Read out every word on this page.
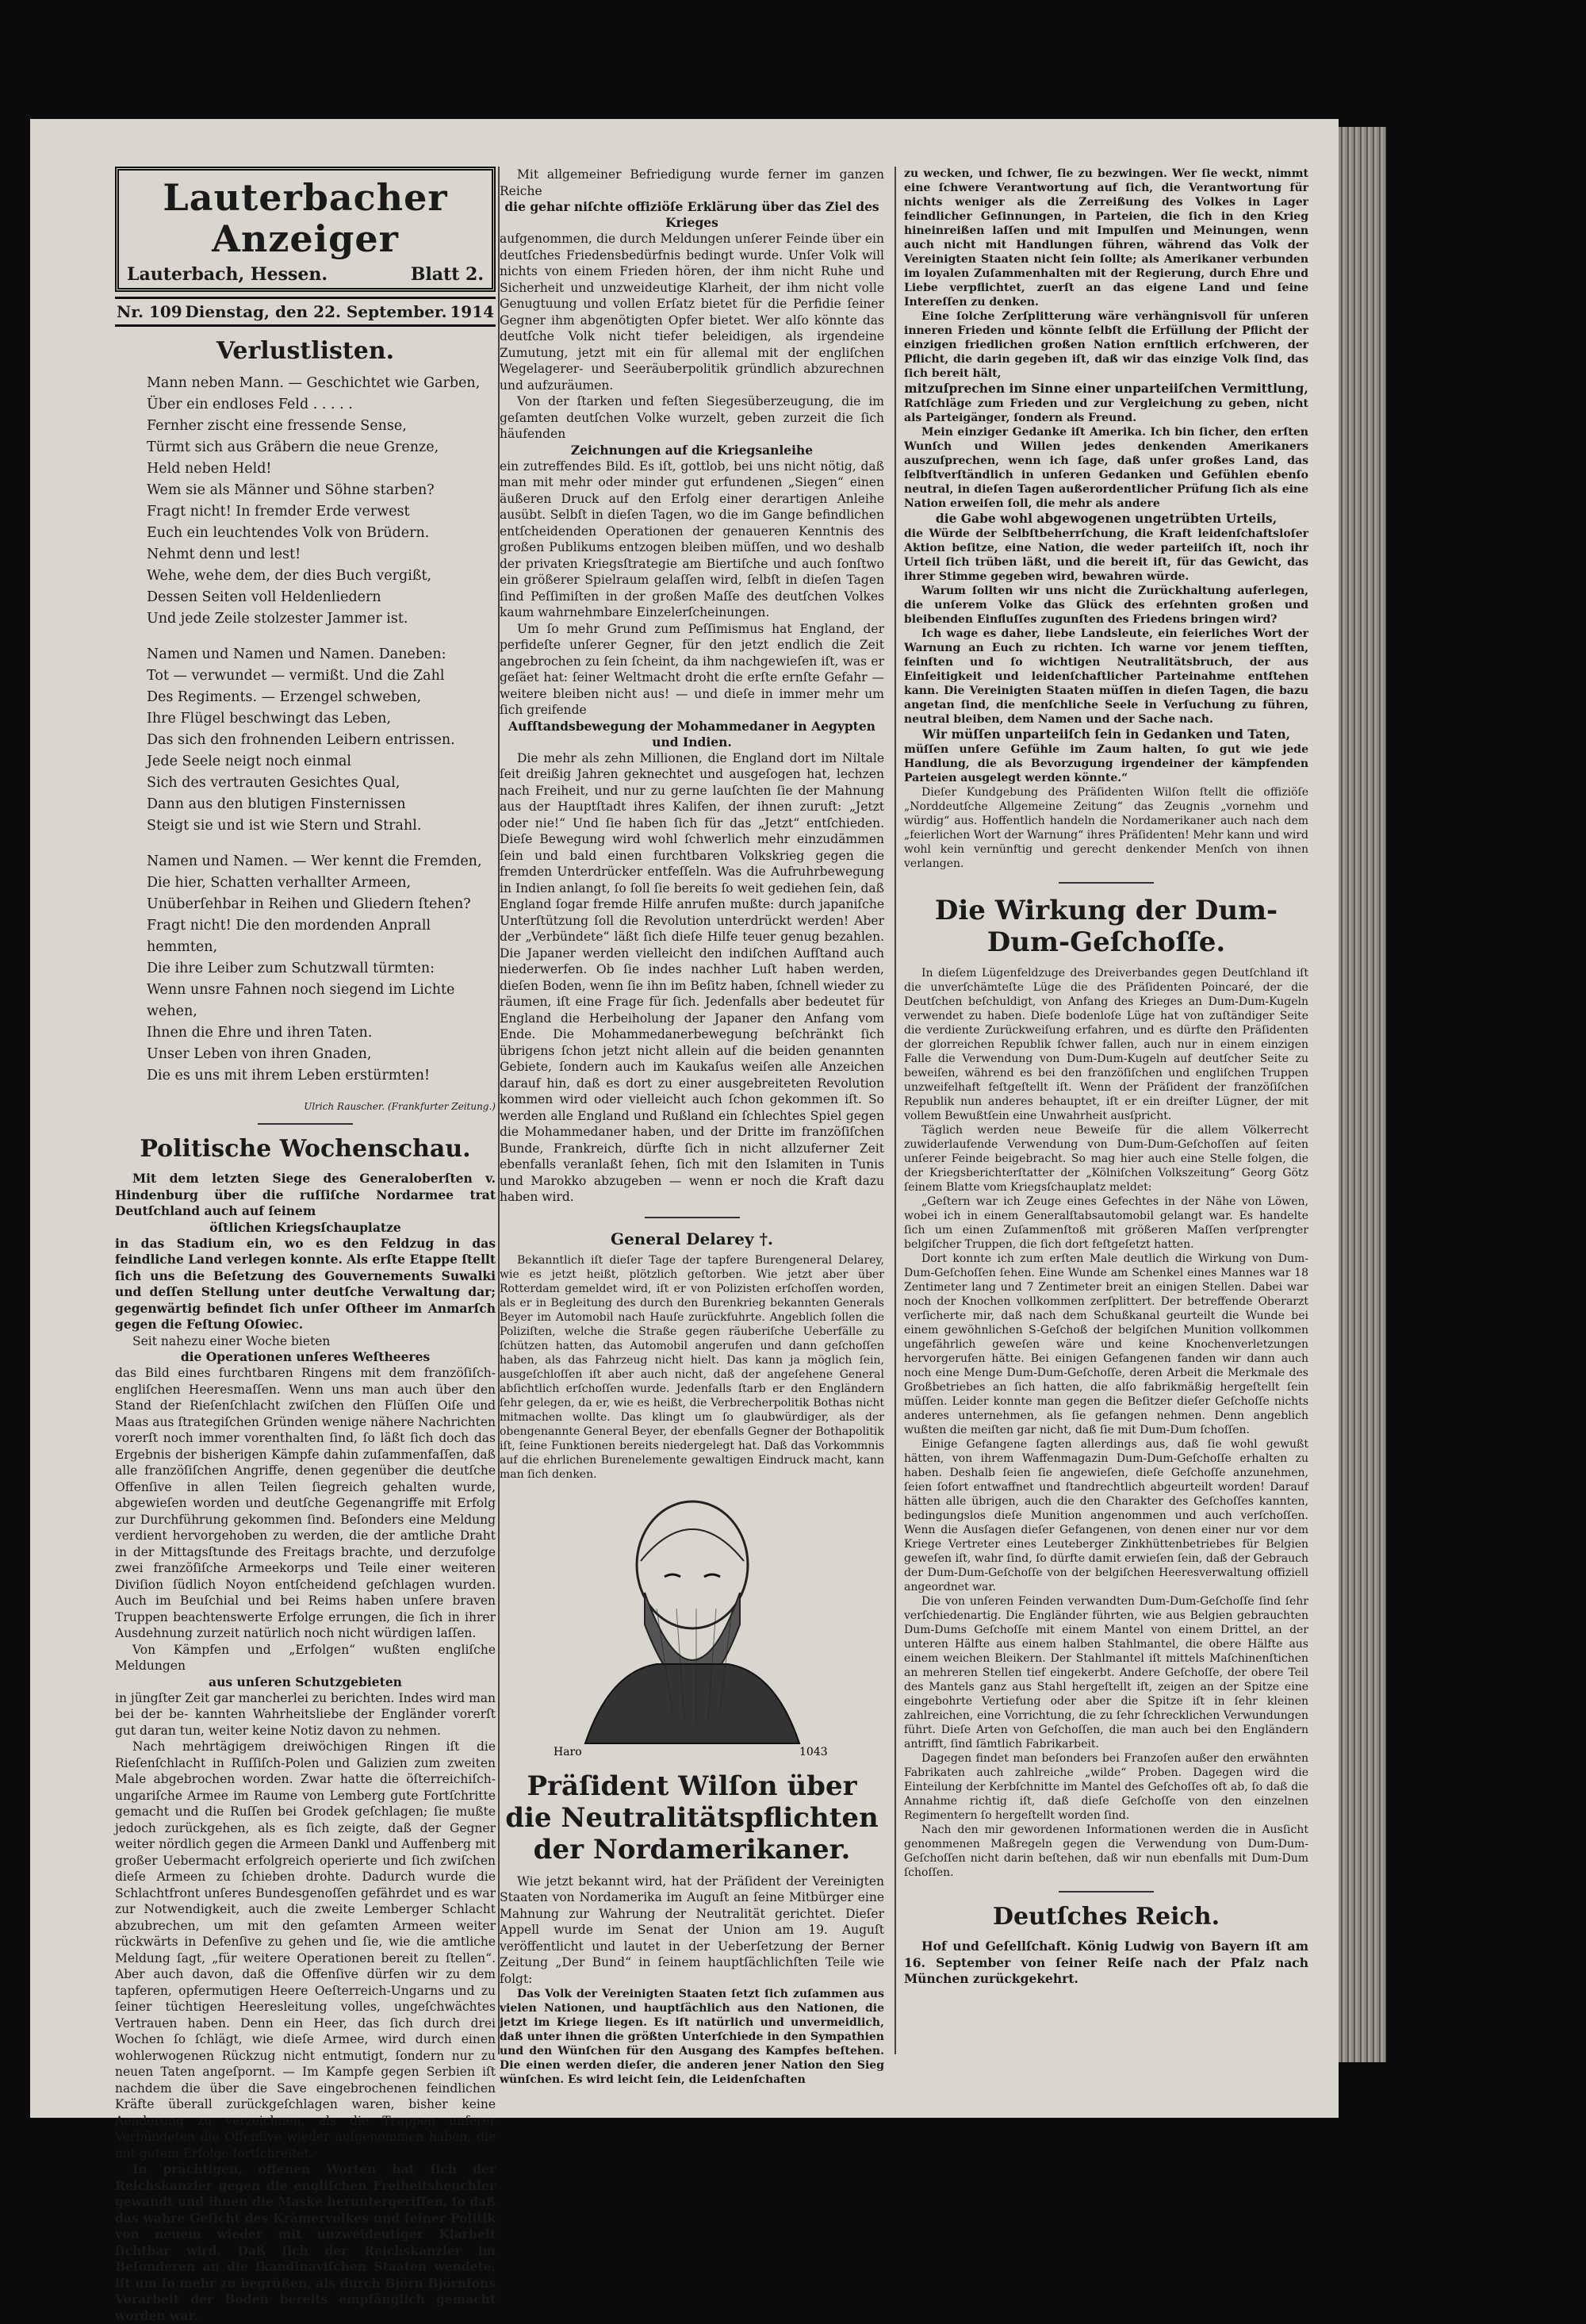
Lauterbacher Anzeiger
Lauterbach, Hessen.	Blatt 2.
Nr. 109 Dienstag, den 22. September. 1914
Verlustlisten.

Mann neben Mann. — Geschichtet wie Garben,
Über ein endloses Feld . . . . .
Fernher zischt eine fressende Sense,
Türmt sich aus Gräbern die neue Grenze,
Held neben Held!
Wem sie als Männer und Söhne starben?
Fragt nicht! In fremder Erde verwest
Euch ein leuchtendes Volk von Brüdern.
Nehmt denn und lest!
Wehe, wehe dem, der dies Buch vergißt,
Dessen Seiten voll Heldenliedern
Und jede Zeile stolzester Jammer ist.

Namen und Namen und Namen. Daneben:
Tot — verwundet — vermißt. Und die Zahl
Des Regiments. — Erzengel schweben,
Ihre Flügel beschwingt das Leben,
Das sich den frohnenden Leibern entrissen.
Jede Seele neigt noch einmal
Sich des vertrauten Gesichtes Qual,
Dann aus den blutigen Finsternissen
Steigt sie und ist wie Stern und Strahl.

Namen und Namen. — Wer kennt die Fremden,
Die hier, Schatten verhallter Armeen,
Unüberſehbar in Reihen und Gliedern ſtehen?
Fragt nicht! Die den mordenden Anprall hemmten,
Die ihre Leiber zum Schutzwall türmten:
Wenn unsre Fahnen noch siegend im Lichte wehen,
Ihnen die Ehre und ihren Taten.
Unser Leben von ihren Gnaden,
Die es uns mit ihrem Leben erstürmten!

Ulrich Rauscher. (Frankfurter Zeitung.)
Politische Wochenschau.

Mit dem letzten Siege des Generaloberſten v. Hindenburg über die ruſſiſche Nordarmee trat Deutſchland auch auf ſeinem

öſtlichen Kriegsſchauplatze

in das Stadium ein, wo es den Feldzug in das feindliche Land verlegen konnte. Als erſte Etappe ſtellt ſich uns die Beſetzung des Gouvernements Suwalki und deſſen Stellung unter deutſche Verwaltung dar; gegenwärtig befindet ſich unſer Oſtheer im Anmarſch gegen die Feſtung Oſowiec.

Seit nahezu einer Woche bieten

die Operationen unſeres Weſtheeres

das Bild eines furchtbaren Ringens mit dem franzöſiſch-engliſchen Heeresmaſſen. Wenn uns man auch über den Stand der Rieſenſchlacht zwiſchen den Flüſſen Oiſe und Maas aus ſtrategiſchen Gründen wenige nähere Nachrichten vorerſt noch immer vorenthalten ſind, ſo läßt ſich doch das Ergebnis der bisherigen Kämpfe dahin zuſammenfaſſen, daß alle franzöſiſchen Angriffe, denen gegenüber die deutſche Offenſive in allen Teilen ſiegreich gehalten wurde, abgewieſen worden und deutſche Gegenangriffe mit Erfolg zur Durchführung gekommen ſind. Beſonders eine Meldung verdient hervorgehoben zu werden, die der amtliche Draht in der Mittagsſtunde des Freitags brachte, und derzufolge zwei franzöſiſche Armeekorps und Teile einer weiteren Diviſion ſüdlich Noyon entſcheidend geſchlagen wurden. Auch im Beuſchial und bei Reims haben unſere braven Truppen beachtenswerte Erfolge errungen, die ſich in ihrer Ausdehnung zurzeit natürlich noch nicht würdigen laſſen.

Von Kämpfen und „Erfolgen“ wußten engliſche Meldungen

aus unſeren Schutzgebieten

in jüngſter Zeit gar mancherlei zu berichten. Indes wird man bei der be- kannten Wahrheitsliebe der Engländer vorerſt gut daran tun, weiter keine Notiz davon zu nehmen.

Nach mehrtägigem dreiwöchigen Ringen iſt die Rieſenſchlacht in Ruſſiſch-Polen und Galizien zum zweiten Male abgebrochen worden. Zwar hatte die öſterreichiſch-ungariſche Armee im Raume von Lemberg gute Fortſchritte gemacht und die Ruſſen bei Grodek geſchlagen; ſie mußte jedoch zurückgehen, als es ſich zeigte, daß der Gegner weiter nördlich gegen die Armeen Dankl und Auffenberg mit großer Uebermacht erfolgreich operierte und ſich zwiſchen dieſe Armeen zu ſchieben drohte. Dadurch wurde die Schlachtfront unſeres Bundesgenoſſen gefährdet und es war zur Notwendigkeit, auch die zweite Lemberger Schlacht abzubrechen, um mit den geſamten Armeen weiter rückwärts in Defenſive zu gehen und ſie, wie die amtliche Meldung ſagt, „für weitere Operationen bereit zu ſtellen“. Aber auch davon, daß die Offenſive dürfen wir zu dem tapferen, opfermutigen Heere Oeſterreich-Ungarns und zu ſeiner tüchtigen Heeresleitung volles, ungeſchwächtes Vertrauen haben. Denn ein Heer, das ſich durch drei Wochen ſo ſchlägt, wie dieſe Armee, wird durch einen wohlerwogenen Rückzug nicht entmutigt, ſondern nur zu neuen Taten angeſpornt. — Im Kampfe gegen Serbien iſt nachdem die über die Save eingebrochenen feindlichen Kräfte überall zurückgeſchlagen waren, bisher keine Aenderung zu verzeichnen, als die Truppen unſerer Verbündeten die Offenſive wieder aufgenommen haben, die mit gutem Erfolge fortſchreitet.

In prächtigen, offenen Worten hat ſich der Reichskanzler gegen die engliſchen Freiheitsheuchler gewandt und ihnen die Maske heruntergeriſſen, ſo daß das wahre Geſicht des Krämervolkes und ſeiner Politik von neuem wieder mit unzweideutiger Klarheit ſichtbar wird. Daß ſich der Reichskanzler im Beſonderen an die ſkandinaviſchen Staaten wendete, iſt um ſo mehr zu begrüßen, als durch Björn Björnſons Vorarbeit der Boden bereits empfänglich gemacht worden war.

Mit allgemeiner Befriedigung wurde ferner im ganzen Reiche

die gehar niſchte offiziöſe Erklärung über das Ziel des Krieges

aufgenommen, die durch Meldungen unſerer Feinde über ein deutſches Friedensbedürfnis bedingt wurde. Unſer Volk will nichts von einem Frieden hören, der ihm nicht Ruhe und Sicherheit und unzweideutige Klarheit, der ihm nicht volle Genugtuung und vollen Erſatz bietet für die Perfidie ſeiner Gegner ihm abgenötigten Opfer bietet. Wer alſo könnte das deutſche Volk nicht tiefer beleidigen, als irgendeine Zumutung, jetzt mit ein für allemal mit der engliſchen Wegelagerer- und Seeräuberpolitik gründlich abzurechnen und aufzuräumen.

Von der ſtarken und feſten Siegesüberzeugung, die im geſamten deutſchen Volke wurzelt, geben zurzeit die ſich häufenden

Zeichnungen auf die Kriegsanleihe

ein zutreffendes Bild. Es iſt, gottlob, bei uns nicht nötig, daß man mit mehr oder minder gut erfundenen „Siegen“ einen äußeren Druck auf den Erfolg einer derartigen Anleihe ausübt. Selbſt in dieſen Tagen, wo die im Gange befindlichen entſcheidenden Operationen der genaueren Kenntnis des großen Publikums entzogen bleiben müſſen, und wo deshalb der privaten Kriegsſtrategie am Biertiſche und auch ſonſtwo ein größerer Spielraum gelaſſen wird, ſelbſt in dieſen Tagen ſind Peſſimiſten in der großen Maſſe des deutſchen Volkes kaum wahrnehmbare Einzelerſcheinungen.

Um ſo mehr Grund zum Peſſimismus hat England, der perfideſte unſerer Gegner, für den jetzt endlich die Zeit angebrochen zu ſein ſcheint, da ihm nachgewieſen iſt, was er geſäet hat: ſeiner Weltmacht droht die erſte ernſte Gefahr — weitere bleiben nicht aus! — und dieſe in immer mehr um ſich greifende

Aufſtandsbewegung der Mohammedaner in Aegypten und Indien.

Die mehr als zehn Millionen, die England dort im Niltale ſeit dreißig Jahren geknechtet und ausgeſogen hat, lechzen nach Freiheit, und nur zu gerne lauſchten ſie der Mahnung aus der Hauptſtadt ihres Kalifen, der ihnen zuruft: „Jetzt oder nie!“ Und ſie haben ſich für das „Jetzt“ entſchieden. Dieſe Bewegung wird wohl ſchwerlich mehr einzudämmen ſein und bald einen furchtbaren Volkskrieg gegen die fremden Unterdrücker entfeſſeln. Was die Aufruhrbewegung in Indien anlangt, ſo ſoll ſie bereits ſo weit gediehen ſein, daß England ſogar fremde Hilfe anrufen mußte: durch japaniſche Unterſtützung ſoll die Revolution unterdrückt werden! Aber der „Verbündete“ läßt ſich dieſe Hilfe teuer genug bezahlen. Die Japaner werden vielleicht den indiſchen Aufſtand auch niederwerfen. Ob ſie indes nachher Luſt haben werden, dieſen Boden, wenn ſie ihn im Beſitz haben, ſchnell wieder zu räumen, iſt eine Frage für ſich. Jedenfalls aber bedeutet für England die Herbeiholung der Japaner den Anfang vom Ende. Die Mohammedanerbewegung beſchränkt ſich übrigens ſchon jetzt nicht allein auf die beiden genannten Gebiete, ſondern auch im Kaukaſus weiſen alle Anzeichen darauf hin, daß es dort zu einer ausgebreiteten Revolution kommen wird oder vielleicht auch ſchon gekommen iſt. So werden alle England und Rußland ein ſchlechtes Spiel gegen die Mohammedaner haben, und der Dritte im franzöſiſchen Bunde, Frankreich, dürfte ſich in nicht allzuferner Zeit ebenfalls veranlaßt ſehen, ſich mit den Islamiten in Tunis und Marokko abzugeben — wenn er noch die Kraft dazu haben wird.

General Delarey †.

Bekanntlich iſt dieſer Tage der tapfere Burengeneral Delarey, wie es jetzt heißt, plötzlich geſtorben. Wie jetzt aber über Rotterdam gemeldet wird, iſt er von Polizisten erſchoſſen worden, als er in Begleitung des durch den Burenkrieg bekannten Generals Beyer im Automobil nach Hauſe zurückfuhrte. Angeblich ſollen die Poliziſten, welche die Straße gegen räuberiſche Ueberfälle zu ſchützen hatten, das Automobil angerufen und dann geſchoſſen haben, als das Fahrzeug nicht hielt. Das kann ja möglich ſein, ausgeſchloſſen iſt aber auch nicht, daß der angeſehene General abſichtlich erſchoſſen wurde. Jedenfalls ſtarb er den Engländern ſehr gelegen, da er, wie es heißt, die Verbrecherpolitik Bothas nicht mitmachen wollte. Das klingt um ſo glaubwürdiger, als der obengenannte General Beyer, der ebenfalls Gegner der Bothapolitik iſt, ſeine Funktionen bereits niedergelegt hat. Daß das Vorkommnis auf die ehrlichen Burenelemente gewaltigen Eindruck macht, kann man ſich denken.

Haro	1043
Präſident Wilſon über die Neutralitätspflichten der Nordamerikaner.

Wie jetzt bekannt wird, hat der Präſident der Vereinigten Staaten von Nordamerika im Auguſt an ſeine Mitbürger eine Mahnung zur Wahrung der Neutralität gerichtet. Dieſer Appell wurde im Senat der Union am 19. Auguſt veröffentlicht und lautet in der Ueberſetzung der Berner Zeitung „Der Bund“ in ſeinem hauptſächlichſten Teile wie folgt:

Das Volk der Vereinigten Staaten ſetzt ſich zuſammen aus vielen Nationen, und hauptſächlich aus den Nationen, die jetzt im Kriege liegen. Es iſt natürlich und unvermeidlich, daß unter ihnen die größten Unterſchiede in den Sympathien und den Wünſchen für den Ausgang des Kampfes beſtehen. Die einen werden dieſer, die anderen jener Nation den Sieg wünſchen. Es wird leicht ſein, die Leidenſchaften

zu wecken, und ſchwer, ſie zu bezwingen. Wer ſie weckt, nimmt eine ſchwere Verantwortung auf ſich, die Verantwortung für nichts weniger als die Zerreißung des Volkes in Lager feindlicher Geſinnungen, in Parteien, die ſich in den Krieg hineinreißen laſſen und mit Impulſen und Meinungen, wenn auch nicht mit Handlungen führen, während das Volk der Vereinigten Staaten nicht ſein ſollte; als Amerikaner verbunden im loyalen Zuſammenhalten mit der Regierung, durch Ehre und Liebe verpflichtet, zuerſt an das eigene Land und ſeine Intereſſen zu denken.

Eine ſolche Zerſplitterung wäre verhängnisvoll für unſeren inneren Frieden und könnte ſelbſt die Erfüllung der Pflicht der einzigen friedlichen großen Nation ernſtlich erſchweren, der Pflicht, die darin gegeben iſt, daß wir das einzige Volk ſind, das ſich bereit hält,

mitzuſprechen im Sinne einer unparteiiſchen Vermittlung,

Ratſchläge zum Frieden und zur Vergleichung zu geben, nicht als Parteigänger, ſondern als Freund.

Mein einziger Gedanke iſt Amerika. Ich bin ſicher, den erſten Wunſch und Willen jedes denkenden Amerikaners auszuſprechen, wenn ich ſage, daß unſer großes Land, das ſelbſtverſtändlich in unſeren Gedanken und Gefühlen ebenſo neutral, in dieſen Tagen außerordentlicher Prüfung ſich als eine Nation erweiſen ſoll, die mehr als andere

die Gabe wohl abgewogenen ungetrübten Urteils,

die Würde der Selbſtbeherrſchung, die Kraft leidenſchaftsloſer Aktion beſitze, eine Nation, die weder parteiiſch iſt, noch ihr Urteil ſich trüben läßt, und die bereit iſt, für das Gewicht, das ihrer Stimme gegeben wird, bewahren würde.

Warum ſollten wir uns nicht die Zurückhaltung auferlegen, die unſerem Volke das Glück des erſehnten großen und bleibenden Einfluſſes zugunſten des Friedens bringen wird?

Ich wage es daher, liebe Landsleute, ein feierliches Wort der Warnung an Euch zu richten. Ich warne vor jenem tiefſten, feinſten und ſo wichtigen Neutralitätsbruch, der aus Einſeitigkeit und leidenſchaftlicher Parteinahme entſtehen kann. Die Vereinigten Staaten müſſen in dieſen Tagen, die bazu angetan ſind, die menſchliche Seele in Verſuchung zu führen, neutral bleiben, dem Namen und der Sache nach.

Wir müſſen unparteiiſch ſein in Gedanken und Taten,

müſſen unſere Gefühle im Zaum halten, ſo gut wie jede Handlung, die als Bevorzugung irgendeiner der kämpfenden Parteien ausgelegt werden könnte.“

Dieſer Kundgebung des Präſidenten Wilſon ſtellt die offiziöſe „Norddeutſche Allgemeine Zeitung“ das Zeugnis „vornehm und würdig“ aus. Hoffentlich handeln die Nordamerikaner auch nach dem „feierlichen Wort der Warnung“ ihres Präſidenten! Mehr kann und wird wohl kein vernünftig und gerecht denkender Menſch von ihnen verlangen.

Die Wirkung der Dum-Dum-Geſchoſſe.

In dieſem Lügenfeldzuge des Dreiverbandes gegen Deutſchland iſt die unverſchämteſte Lüge die des Präſidenten Poincaré, der die Deutſchen beſchuldigt, von Anfang des Krieges an Dum-Dum-Kugeln verwendet zu haben. Dieſe bodenloſe Lüge hat von zuſtändiger Seite die verdiente Zurückweiſung erfahren, und es dürfte den Präſidenten der glorreichen Republik ſchwer fallen, auch nur in einem einzigen Falle die Verwendung von Dum-Dum-Kugeln auf deutſcher Seite zu beweiſen, während es bei den franzöſiſchen und engliſchen Truppen unzweifelhaft feſtgeſtellt iſt. Wenn der Präſident der franzöſiſchen Republik nun anderes behauptet, iſt er ein dreiſter Lügner, der mit vollem Bewußtſein eine Unwahrheit ausſpricht.

Täglich werden neue Beweiſe für die allem Völkerrecht zuwiderlaufende Verwendung von Dum-Dum-Geſchoſſen auf ſeiten unſerer Feinde beigebracht. So mag hier auch eine Stelle folgen, die der Kriegsberichterſtatter der „Kölniſchen Volkszeitung“ Georg Götz ſeinem Blatte vom Kriegsſchauplatz meldet:

„Geſtern war ich Zeuge eines Gefechtes in der Nähe von Löwen, wobei ich in einem Generalſtabsautomobil gelangt war. Es handelte ſich um einen Zuſammenſtoß mit größeren Maſſen verſprengter belgiſcher Truppen, die ſich dort feſtgeſetzt hatten.

Dort konnte ich zum erſten Male deutlich die Wirkung von Dum-Dum-Geſchoſſen ſehen. Eine Wunde am Schenkel eines Mannes war 18 Zentimeter lang und 7 Zentimeter breit an einigen Stellen. Dabei war noch der Knochen vollkommen zerſplittert. Der betreffende Oberarzt verſicherte mir, daß nach dem Schußkanal geurteilt die Wunde bei einem gewöhnlichen S-Geſchoß der belgiſchen Munition vollkommen ungefährlich geweſen wäre und keine Knochenverletzungen hervorgerufen hätte. Bei einigen Gefangenen fanden wir dann auch noch eine Menge Dum-Dum-Geſchoſſe, deren Arbeit die Merkmale des Großbetriebes an ſich hatten, die alſo fabrikmäßig hergeſtellt ſein müſſen. Leider konnte man gegen die Beſitzer dieſer Geſchoſſe nichts anderes unternehmen, als ſie gefangen nehmen. Denn angeblich wußten die meiſten gar nicht, daß ſie mit Dum-Dum ſchoſſen.

Einige Gefangene ſagten allerdings aus, daß ſie wohl gewußt hätten, von ihrem Waffenmagazin Dum-Dum-Geſchoſſe erhalten zu haben. Deshalb ſeien ſie angewieſen, dieſe Geſchoſſe anzunehmen, ſeien ſofort entwaffnet und ſtandrechtlich abgeurteilt worden! Darauf hätten alle übrigen, auch die den Charakter des Geſchoſſes kannten, bedingungslos dieſe Munition angenommen und auch verſchoſſen. Wenn die Ausſagen dieſer Gefangenen, von denen einer nur vor dem Kriege Vertreter eines Leuteberger Zinkhüttenbetriebes für Belgien geweſen iſt, wahr ſind, ſo dürfte damit erwieſen ſein, daß der Gebrauch der Dum-Dum-Geſchoſſe von der belgiſchen Heeresverwaltung offiziell angeordnet war.

Die von unſeren Feinden verwandten Dum-Dum-Geſchoſſe ſind ſehr verſchiedenartig. Die Engländer führten, wie aus Belgien gebrauchten Dum-Dums Geſchoſſe mit einem Mantel von einem Drittel, an der unteren Hälfte aus einem halben Stahlmantel, die obere Hälfte aus einem weichen Bleikern. Der Stahlmantel iſt mittels Maſchinenſtichen an mehreren Stellen tief eingekerbt. Andere Geſchoſſe, der obere Teil des Mantels ganz aus Stahl hergeſtellt iſt, zeigen an der Spitze eine eingebohrte Vertiefung oder aber die Spitze iſt in ſehr kleinen zahlreichen, eine Vorrichtung, die zu ſehr ſchrecklichen Verwundungen führt. Dieſe Arten von Geſchoſſen, die man auch bei den Engländern antrifft, ſind ſämtlich Fabrikarbeit.

Dagegen findet man beſonders bei Franzoſen außer den erwähnten Fabrikaten auch zahlreiche „wilde“ Proben. Dagegen wird die Einteilung der Kerbſchnitte im Mantel des Geſchoſſes oft ab, ſo daß die Annahme richtig iſt, daß dieſe Geſchoſſe von den einzelnen Regimentern ſo hergeſtellt worden ſind.

Nach den mir gewordenen Informationen werden die in Ausſicht genommenen Maßregeln gegen die Verwendung von Dum-Dum-Geſchoſſen nicht darin beſtehen, daß wir nun ebenfalls mit Dum-Dum ſchoſſen.

Deutſches Reich.

Hof und Geſellſchaft. König Ludwig von Bayern iſt am 16. September von ſeiner Reiſe nach der Pfalz nach München zurückgekehrt.
